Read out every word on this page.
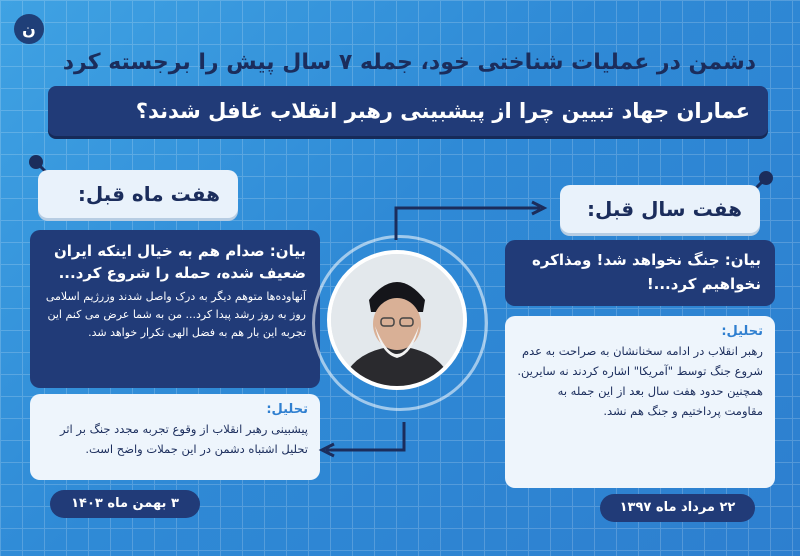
ن
دشمن در عملیات شناختی خود، جمله ۷ سال پیش را برجسته کرد
عماران جهاد تبیین چرا از پیشبینی رهبر انقلاب غافل شدند؟
هفت ماه قبل:
بیان: صدام هم به خیال اینکه ایران ضعیف شده، حمله را شروع کرد...
آنهاوده‌ها متوهم دیگر به درک واصل شدند وزرژیم اسلامی روز به روز رشد پیدا کرد... من به شما عرض می کنم این تجربه این بار هم به فضل الهی تکرار خواهد شد.
تحلیل:
پیشبینی رهبر انقلاب از وقوع تجربه مجدد جنگ بر اثر تحلیل اشتباه دشمن در این جملات واضح است.
۳ بهمن ماه ۱۴۰۳
هفت سال قبل:
بیان: جنگ نخواهد شد! ومذاکره نخواهیم کرد...!
تحلیل:
رهبر انقلاب در ادامه سخنانشان به صراحت به عدم شروع جنگ توسط "آمریکا" اشاره کردند نه سایرین. همچنین حدود هفت سال بعد از این جمله به مقاومت پرداختیم و جنگ هم نشد.
۲۲ مرداد ماه ۱۳۹۷
